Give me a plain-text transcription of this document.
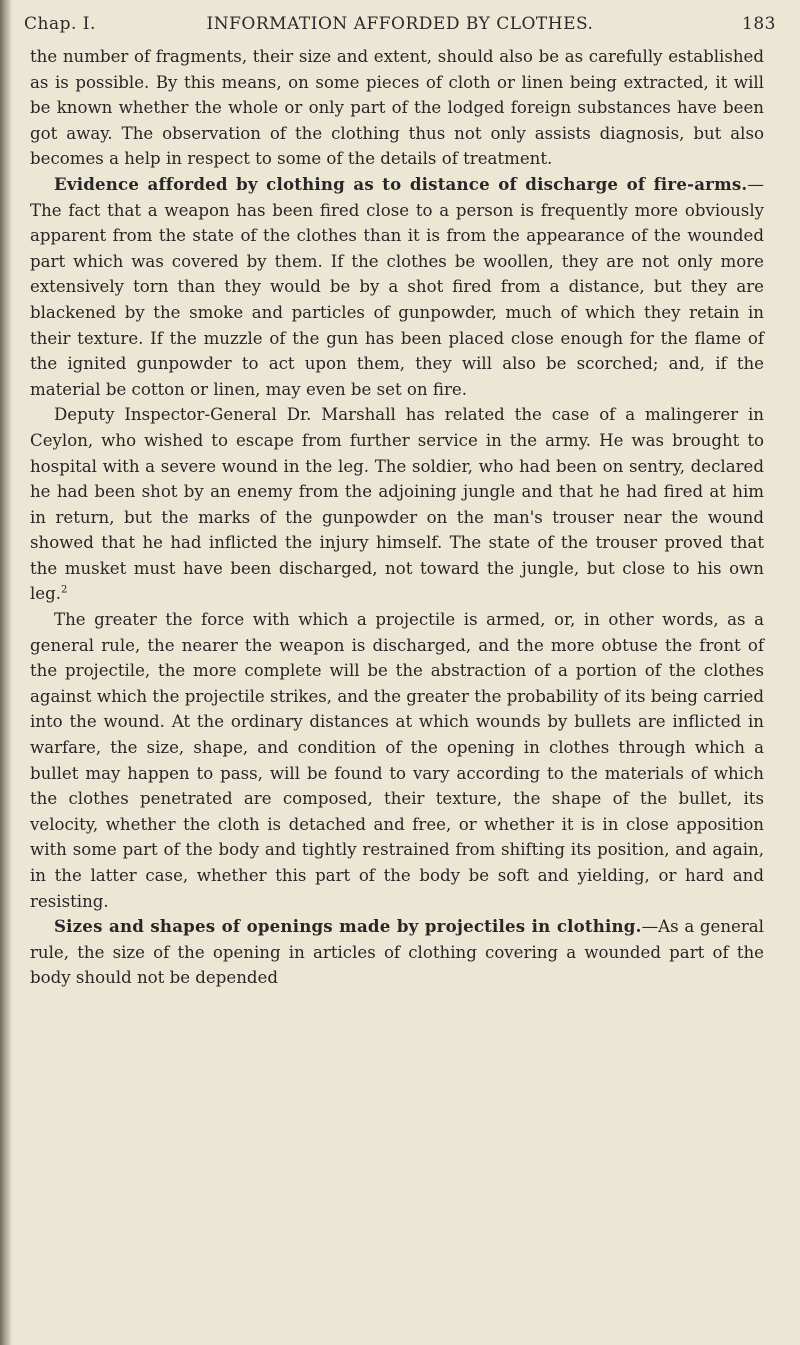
Chap. I.	INFORMATION AFFORDED BY CLOTHES.	183

the number of fragments, their size and extent, should also be as carefully established as is possible. By this means, on some pieces of cloth or linen being extracted, it will be known whether the whole or only part of the lodged foreign substances have been got away. The observation of the clothing thus not only assists diagnosis, but also becomes a help in respect to some of the details of treatment.

Evidence afforded by clothing as to distance of discharge of fire-arms.—The fact that a weapon has been fired close to a person is frequently more obviously apparent from the state of the clothes than it is from the appearance of the wounded part which was covered by them. If the clothes be woollen, they are not only more extensively torn than they would be by a shot fired from a distance, but they are blackened by the smoke and particles of gunpowder, much of which they retain in their texture. If the muzzle of the gun has been placed close enough for the flame of the ignited gunpowder to act upon them, they will also be scorched; and, if the material be cotton or linen, may even be set on fire.

Deputy Inspector-General Dr. Marshall has related the case of a malingerer in Ceylon, who wished to escape from further service in the army. He was brought to hospital with a severe wound in the leg. The soldier, who had been on sentry, declared he had been shot by an enemy from the adjoining jungle and that he had fired at him in return, but the marks of the gunpowder on the man's trouser near the wound showed that he had inflicted the injury himself. The state of the trouser proved that the musket must have been discharged, not toward the jungle, but close to his own leg.$^2$

The greater the force with which a projectile is armed, or, in other words, as a general rule, the nearer the weapon is discharged, and the more obtuse the front of the projectile, the more complete will be the abstraction of a portion of the clothes against which the projectile strikes, and the greater the probability of its being carried into the wound. At the ordinary distances at which wounds by bullets are inflicted in warfare, the size, shape, and condition of the opening in clothes through which a bullet may happen to pass, will be found to vary according to the materials of which the clothes penetrated are composed, their texture, the shape of the bullet, its velocity, whether the cloth is detached and free, or whether it is in close apposition with some part of the body and tightly restrained from shifting its position, and again, in the latter case, whether this part of the body be soft and yielding, or hard and resisting.

Sizes and shapes of openings made by projectiles in clothing.—As a general rule, the size of the opening in articles of clothing covering a wounded part of the body should not be depended
